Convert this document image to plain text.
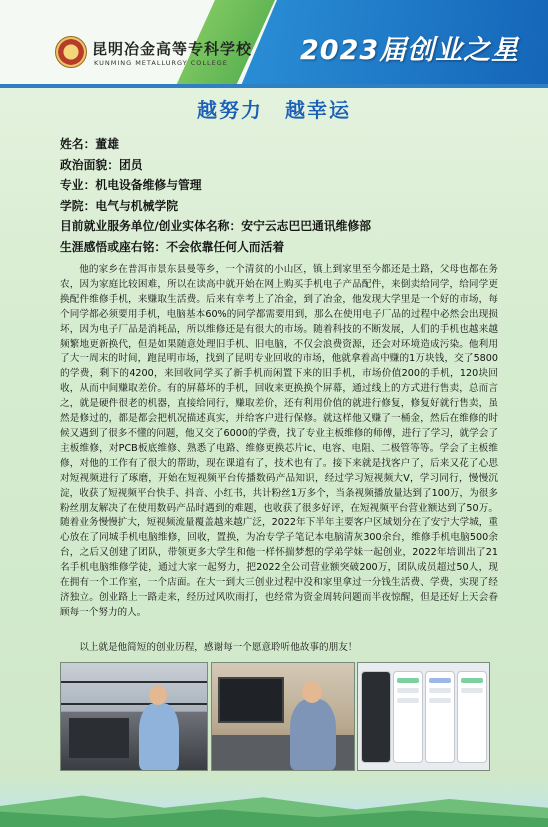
昆明冶金高等专科学校
KUNMING METALLURGY COLLEGE	2023届创业之星
越努力　越幸运
姓名：董雄
政治面貌：团员
专业：机电设备维修与管理
学院：电气与机械学院
目前就业服务单位/创业实体名称：安宁云志巴巴通讯维修部
生涯感悟或座右铭：不会依靠任何人而活着

他的家乡在普洱市景东县曼等乡，一个清贫的小山区，镇上到家里至今都还是土路，父母也都在务农，因为家庭比较困难，所以在读高中就开始在网上购买手机电子产品配件，来倒卖给同学，给同学更换配件维修手机，来赚取生活费。后来有幸考上了冶金，到了冶金，他发现大学里是一个好的市场，每个同学都必须要用手机，电脑基本60%的同学都需要用到，那么在使用电子厂品的过程中必然会出现损坏，因为电子厂品是消耗品，所以维修还是有很大的市场。随着科技的不断发展，人们的手机也越来越频繁地更新换代，但是如果随意处理旧手机、旧电脑，不仅会浪费资源，还会对环境造成污染。他利用了大一周末的时间，跑昆明市场，找到了昆明专业回收的市场，他就拿着高中赚的1万块钱，交了5800的学费，剩下的4200，来回收同学买了新手机而闲置下来的旧手机，市场价值200的手机，120块回收，从而中间赚取差价。有的屏幕坏的手机，回收来更换换个屏幕，通过线上的方式进行售卖，总而言之，就是硬件很老的机器，直接给同行，赚取差价，还有利用价值的就进行修复，修复好就行售卖，虽然是修过的，都是都会把机况描述真实，并给客户进行保修。就这样他又赚了一桶金，然后在维修的时候又遇到了很多不懂的问题，他又交了6000的学费，找了专业主板维修的师傅，进行了学习，就学会了主板维修，对PCB板底维修、熟悉了电路、维修更换芯片ic、电容、电阻、二极管等等。学会了主板维修，对他的工作有了很大的帮助，现在课道有了，技术也有了。接下来就是找客户了，后来又花了心思对短视频进行了琢磨，开始在短视频平台传播数码产品知识，经过学习短视频大V，学习同行，慢慢沉淀，收获了短视频平台快手、抖音、小红书，共计粉丝1万多个，当条视频播放量达到了100万，为很多粉丝朋友解决了在使用数码产品时遇到的难题，也收获了很多好评，在短视频平台营业额达到了50万。随着业务慢慢扩大，短视频流量覆盖越来越广泛，2022年下半年主要客户区域划分在了安宁大学城，重心放在了同城手机电脑维修，回收，置换，为冶专学子笔记本电脑清灰300余台，维修手机电脑500余台，之后又创建了团队，带领更多大学生和他一样怀揣梦想的学弟学妹一起创业，2022年培训出了21名手机电脑维修学徒，通过大家一起努力，把2022全公司营业额突破200万，团队成员超过50人，现在拥有一个工作室，一个店面。在大一到大三创业过程中没和家里拿过一分钱生活费、学费，实现了经济独立。创业路上一路走来，经历过风吹雨打，也经常为资金周转问题而半夜惊醒，但是还好上天会眷顾每一个努力的人。

以上就是他简短的创业历程，感谢每一个愿意聆听他故事的朋友！
